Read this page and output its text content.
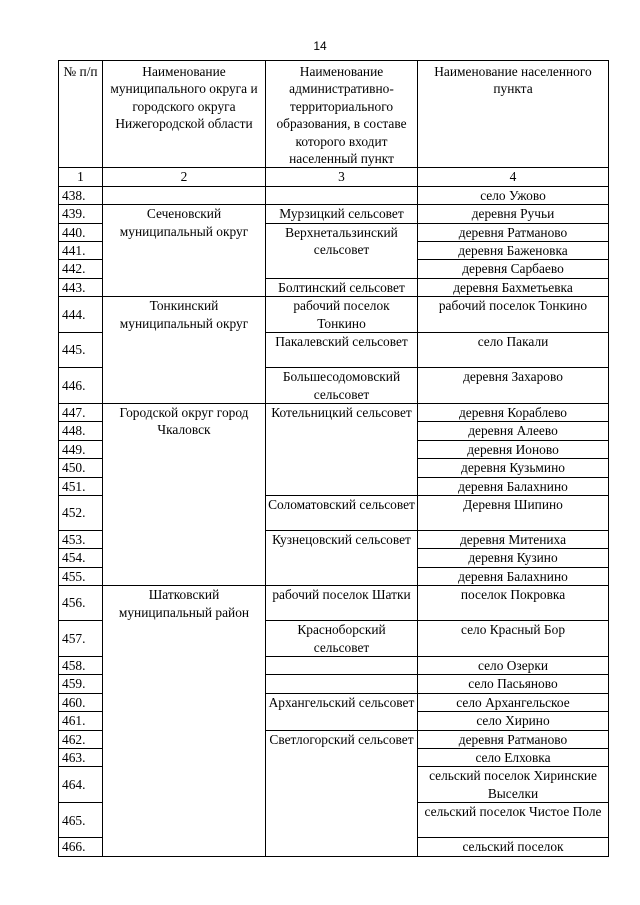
14
№ п/п	Наименование муниципального округа и городского округа Нижегородской области	Наименование административно-территориального образования, в составе которого входит населенный пункт	Наименование населенного пункта
1	2	3	4
438.			село Ужово
439.	Сеченовский муниципальный округ	Мурзицкий сельсовет	деревня Ручьи
440.		Верхнетальзинский сельсовет	деревня Ратманово
441.			деревня Баженовка
442.			деревня Сарбаево
443.		Болтинский сельсовет	деревня Бахметьевка
444.	Тонкинский муниципальный округ	рабочий поселок Тонкино	рабочий поселок Тонкино
445.		Пакалевский сельсовет	село Пакали
446.		Большесодомовский сельсовет	деревня Захарово
447.	Городской округ город Чкаловск	Котельницкий сельсовет	деревня Кораблево
448.			деревня Алеево
449.			деревня Ионово
450.			деревня Кузьмино
451.			деревня Балахнино
452.		Соломатовский сельсовет	Деревня Шипино
453.		Кузнецовский сельсовет	деревня Митениха
454.			деревня Кузино
455.			деревня Балахнино
456.	Шатковский муниципальный район	рабочий поселок Шатки	поселок Покровка
457.		Красноборский сельсовет	село Красный Бор
458.			село Озерки
459.			село Пасьяново
460.		Архангельский сельсовет	село Архангельское
461.			село Хирино
462.		Светлогорский сельсовет	деревня Ратманово
463.			село Елховка
464.			сельский поселок Хиринские Выселки
465.			сельский поселок Чистое Поле
466.			сельский поселок
